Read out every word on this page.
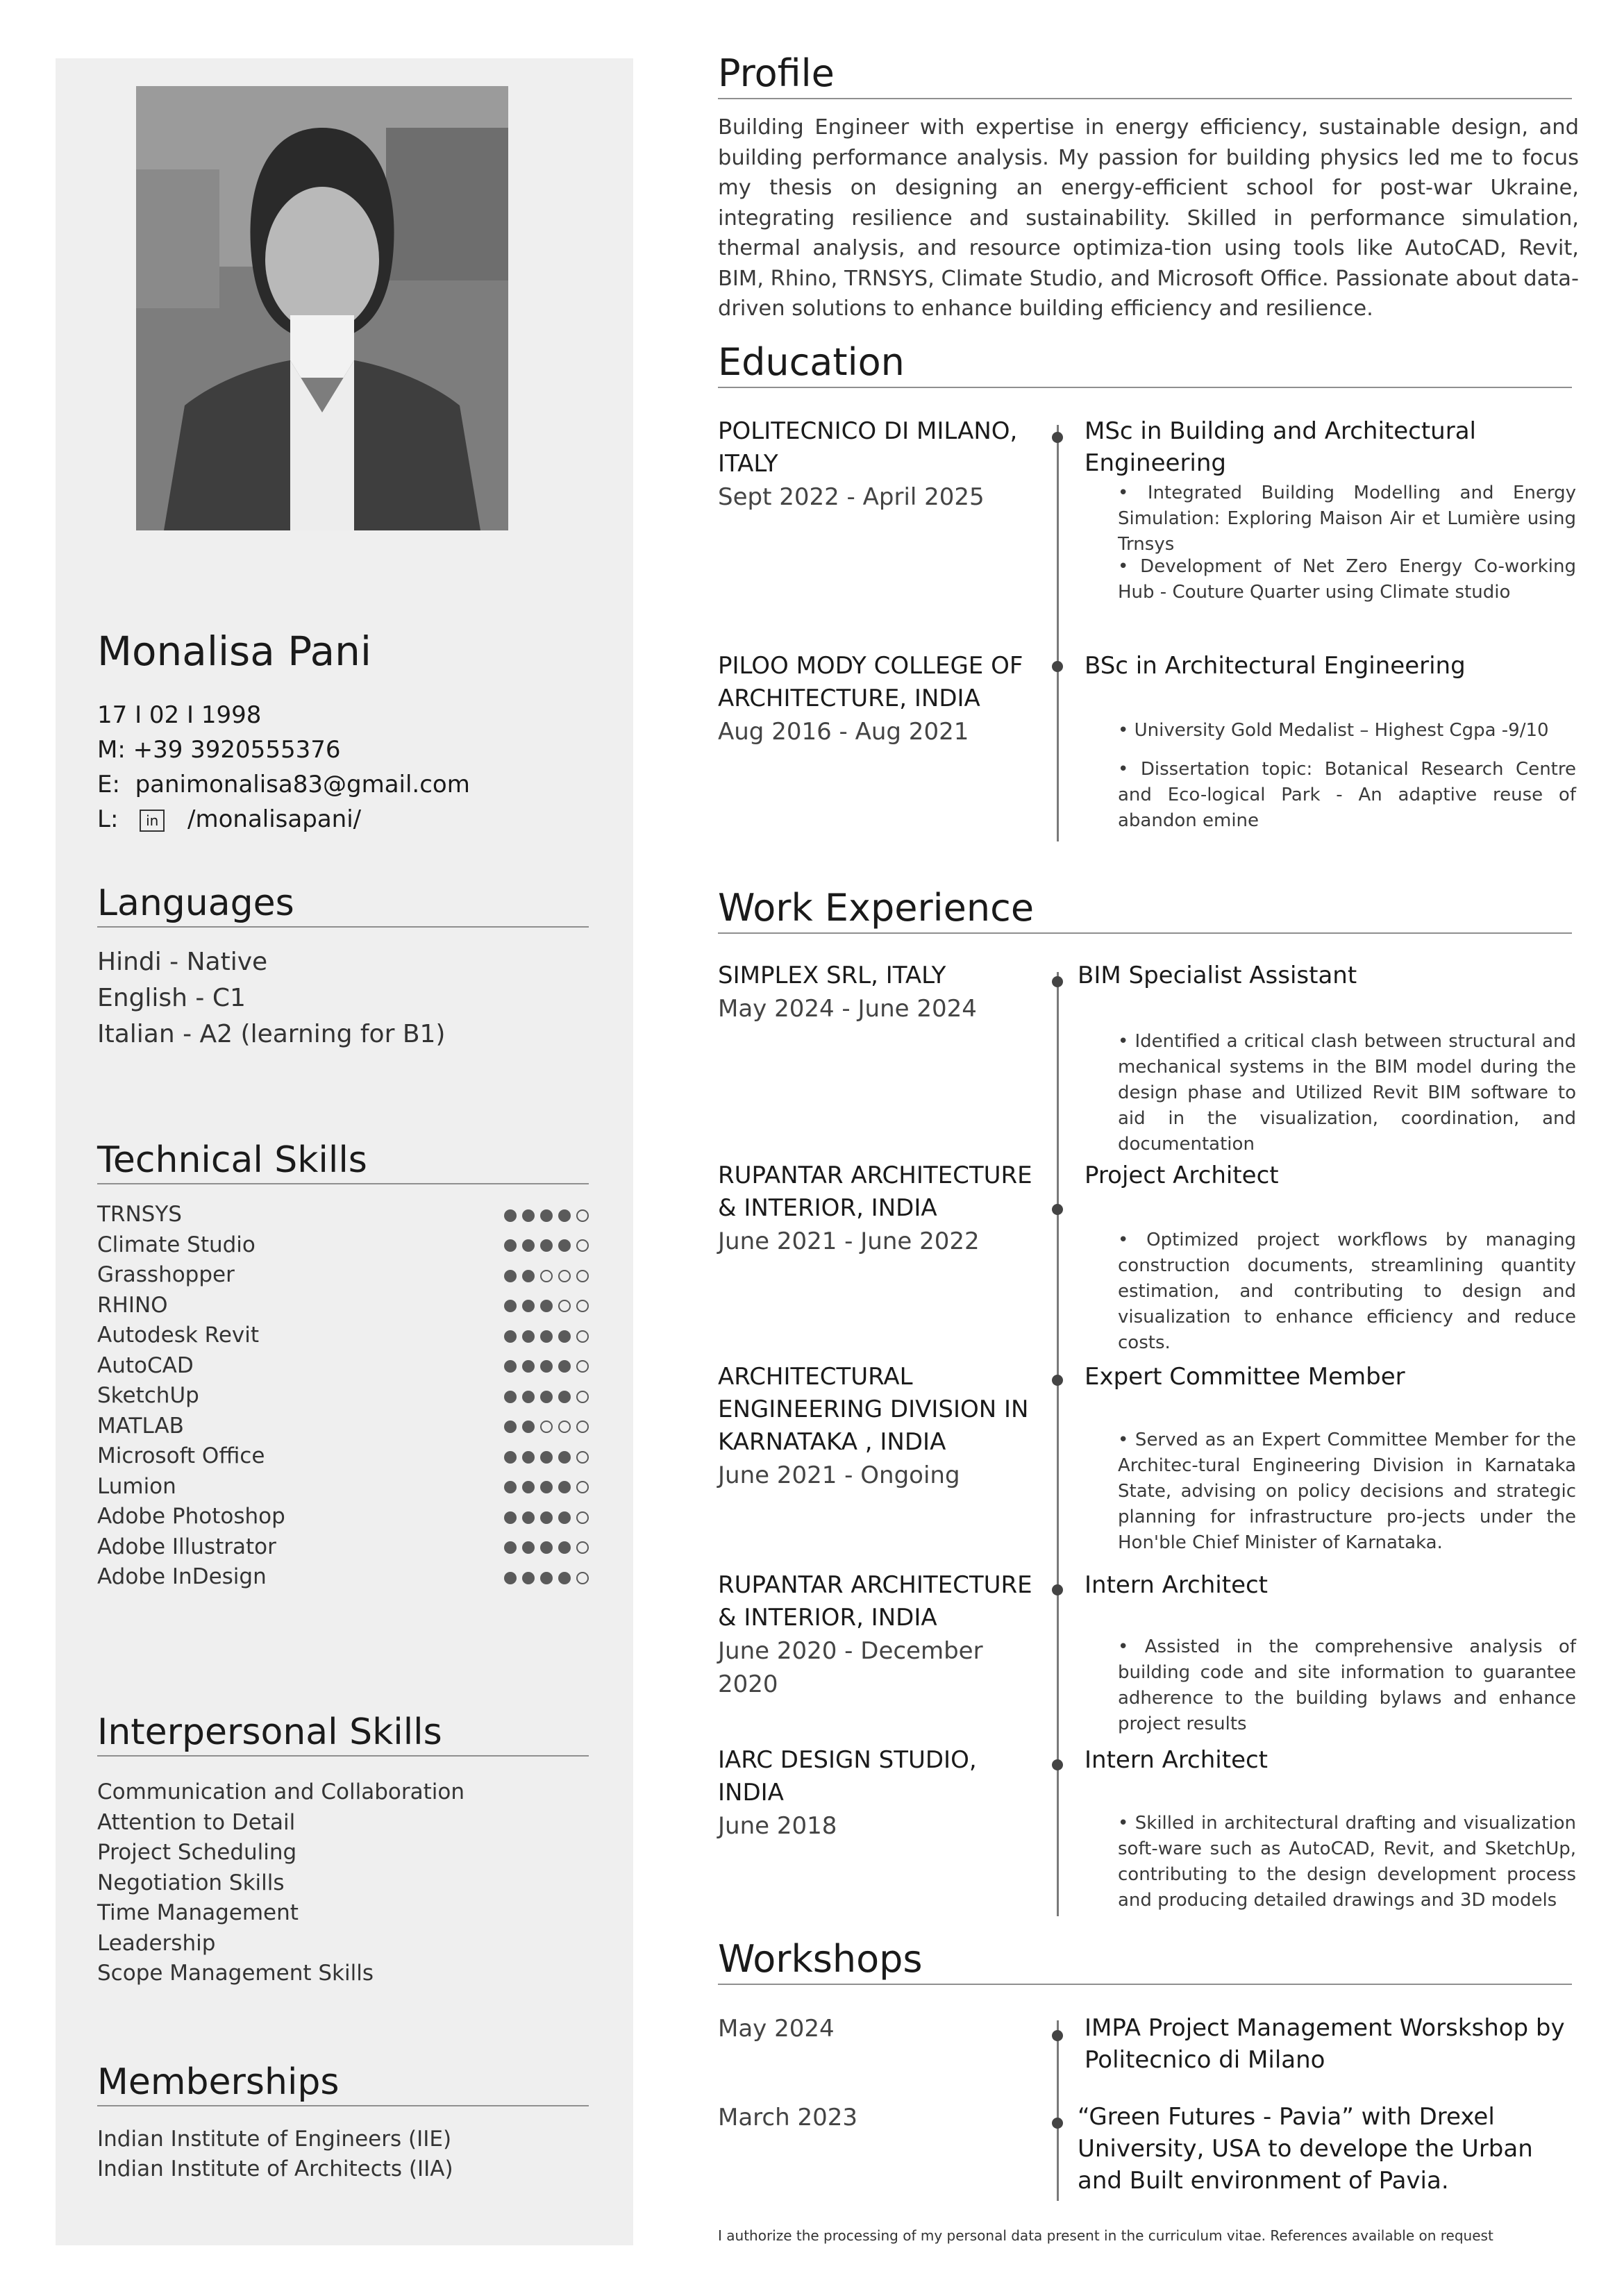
Monalisa Pani
17 I 02 I 1998
M: +39 3920555376
E: panimonalisa83@gmail.com
L: in /monalisapani/
Languages
Hindi - Native
English - C1
Italian - A2 (learning for B1)
Technical Skills
TRNSYS
Climate Studio
Grasshopper
RHINO
Autodesk Revit
AutoCAD
SketchUp
MATLAB
Microsoft Office
Lumion
Adobe Photoshop
Adobe Illustrator
Adobe InDesign
Interpersonal Skills
Communication and Collaboration
Attention to Detail
Project Scheduling
Negotiation Skills
Time Management
Leadership
Scope Management Skills
Memberships
Indian Institute of Engineers (IIE)
Indian Institute of Architects (IIA)
Profile

Building Engineer with expertise in energy efficiency, sustainable design, and building performance analysis. My passion for building physics led me to focus my thesis on designing an energy-efficient school for post-war Ukraine, integrating resilience and sustainability. Skilled in performance simulation, thermal analysis, and resource optimiza-tion using tools like AutoCAD, Revit, BIM, Rhino, TRNSYS, Climate Studio, and Microsoft Office. Passionate about data-driven solutions to enhance building efficiency and resilience.

Education
POLITECNICO DI MILANO, ITALY
Sept 2022 - April 2025
MSc in Building and Architectural Engineering

• Integrated Building Modelling and Energy Simulation: Exploring Maison Air et Lumière using Trnsys

• Development of Net Zero Energy Co-working Hub - Couture Quarter using Climate studio

PILOO MODY COLLEGE OF ARCHITECTURE, INDIA
Aug 2016 - Aug 2021
BSc in Architectural Engineering

• University Gold Medalist – Highest Cgpa -9/10

• Dissertation topic: Botanical Research Centre and Eco-logical Park - An adaptive reuse of abandon emine

Work Experience
SIMPLEX SRL, ITALY
May 2024 - June 2024
BIM Specialist Assistant

• Identified a critical clash between structural and mechanical systems in the BIM model during the design phase and Utilized Revit BIM software to aid in the visualization, coordination, and documentation

RUPANTAR ARCHITECTURE & INTERIOR, INDIA
June 2021 - June 2022
Project Architect

• Optimized project workflows by managing construction documents, streamlining quantity estimation, and contributing to design and visualization to enhance efficiency and reduce costs.

ARCHITECTURAL ENGINEERING DIVISION IN KARNATAKA , INDIA
June 2021 - Ongoing
Expert Committee Member

• Served as an Expert Committee Member for the Architec-tural Engineering Division in Karnataka State, advising on policy decisions and strategic planning for infrastructure pro-jects under the Hon'ble Chief Minister of Karnataka.

RUPANTAR ARCHITECTURE & INTERIOR, INDIA
June 2020 - December 2020
Intern Architect

• Assisted in the comprehensive analysis of building code and site information to guarantee adherence to the building bylaws and enhance project results

IARC DESIGN STUDIO, INDIA
June 2018
Intern Architect

• Skilled in architectural drafting and visualization soft-ware such as AutoCAD, Revit, and SketchUp, contributing to the design development process and producing detailed drawings and 3D models

Workshops
May 2024	IMPA Project Management Worskshop by Politecnico di Milano
March 2023	“Green Futures - Pavia” with Drexel University, USA to develope the Urban and Built environment of Pavia.
I authorize the processing of my personal data present in the curriculum vitae. References available on request
